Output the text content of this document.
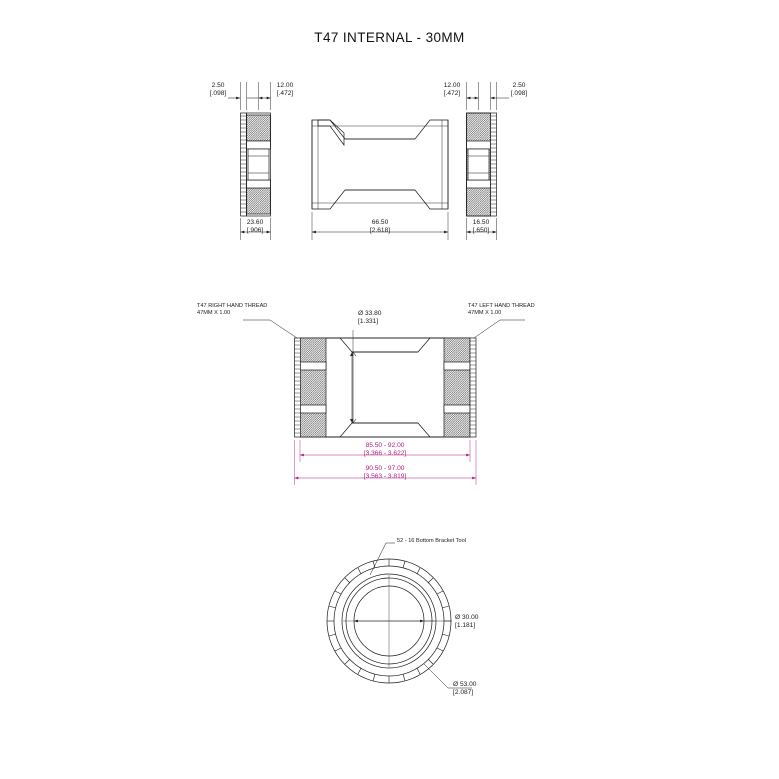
T47 INTERNAL - 30MM
2.50
[.098]
12.00
[.472]
12.00
[.472]
2.50
[.098]
23.60
[.906]
66.50
[2.618]
16.50
[.650]
T47 RIGHT HAND THREAD
47MM X 1.00
T47 LEFT HAND THREAD
47MM X 1.00
Ø 33.80
[1.331]
85.50 - 92.00
[3.366 - 3.622]
90.50 - 97.00
[3.563 - 3.819]
52 - 16 Bottom Bracket Tool
Ø 30.00
[1.181]
Ø 53.00
[2.087]
